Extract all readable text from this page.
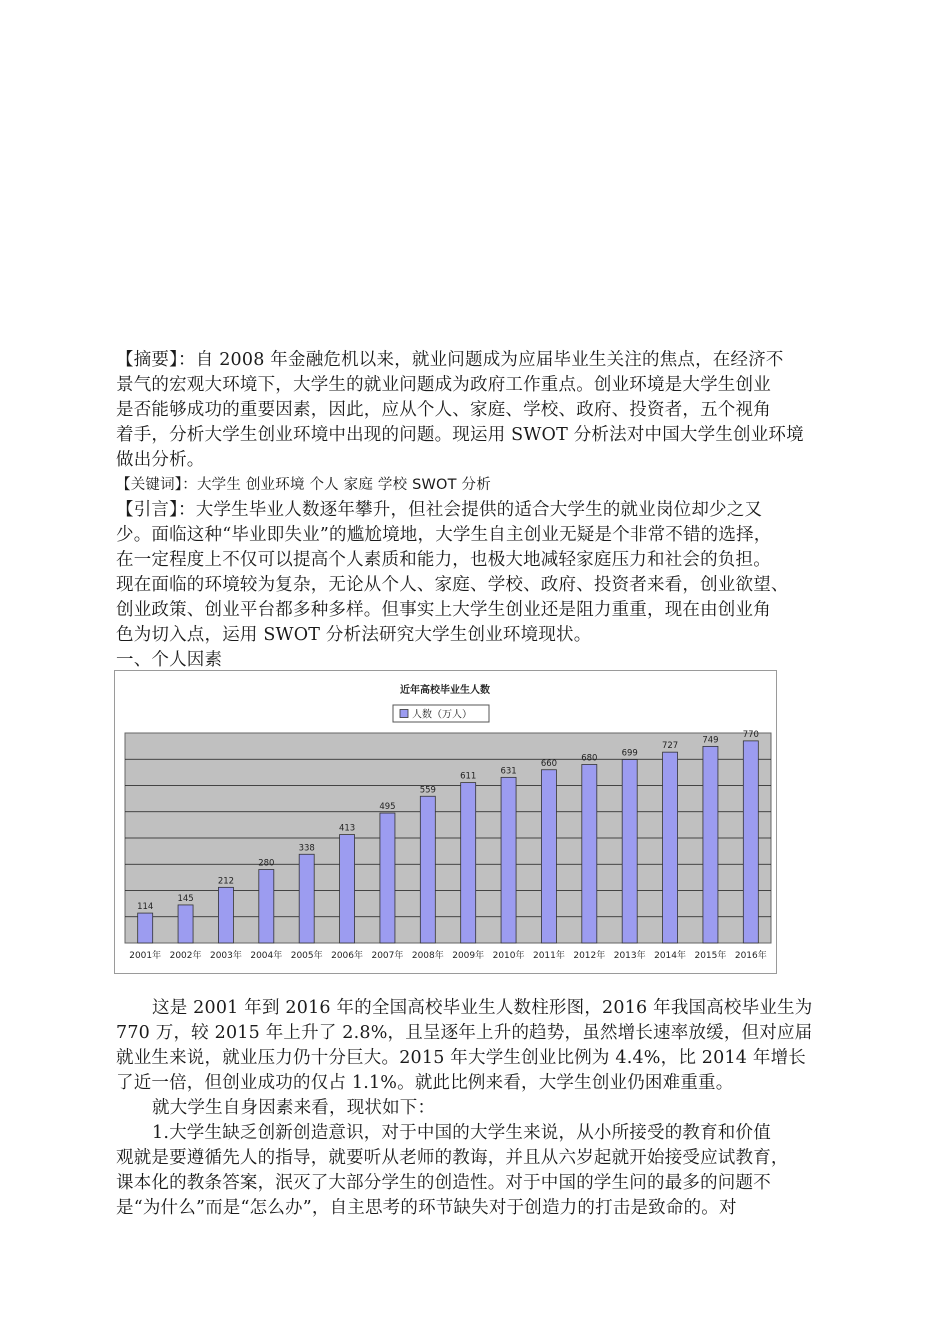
【摘要】：自 2008 年金融危机以来，就业问题成为应届毕业生关注的焦点，在经济不
景气的宏观大环境下，大学生的就业问题成为政府工作重点。创业环境是大学生创业
是否能够成功的重要因素，因此，应从个人、家庭、学校、政府、投资者，五个视角
着手，分析大学生创业环境中出现的问题。现运用 SWOT 分析法对中国大学生创业环境
做出分析。
【关键词】：大学生 创业环境 个人 家庭 学校 SWOT 分析
【引言】：大学生毕业人数逐年攀升，但社会提供的适合大学生的就业岗位却少之又
少。面临这种“毕业即失业”的尴尬境地，大学生自主创业无疑是个非常不错的选择，
在一定程度上不仅可以提高个人素质和能力，也极大地减轻家庭压力和社会的负担。
现在面临的环境较为复杂，无论从个人、家庭、学校、政府、投资者来看，创业欲望、
创业政策、创业平台都多种多样。但事实上大学生创业还是阻力重重，现在由创业角
色为切入点，运用 SWOT 分析法研究大学生创业环境现状。
一、个人因素
近年高校毕业生人数
人数（万人）
114
2001年
145
2002年
212
2003年
280
2004年
338
2005年
413
2006年
495
2007年
559
2008年
611
2009年
631
2010年
660
2011年
680
2012年
699
2013年
727
2014年
749
2015年
770
2016年
这是 2001 年到 2016 年的全国高校毕业生人数柱形图，2016 年我国高校毕业生为
770 万，较 2015 年上升了 2.8%，且呈逐年上升的趋势，虽然增长速率放缓，但对应届
就业生来说，就业压力仍十分巨大。2015 年大学生创业比例为 4.4%，比 2014 年增长
了近一倍，但创业成功的仅占 1.1%。就此比例来看，大学生创业仍困难重重。
就大学生自身因素来看，现状如下：
1.大学生缺乏创新创造意识，对于中国的大学生来说，从小所接受的教育和价值
观就是要遵循先人的指导，就要听从老师的教诲，并且从六岁起就开始接受应试教育，
课本化的教条答案，泯灭了大部分学生的创造性。对于中国的学生问的最多的问题不
是“为什么”而是“怎么办”，自主思考的环节缺失对于创造力的打击是致命的。对
